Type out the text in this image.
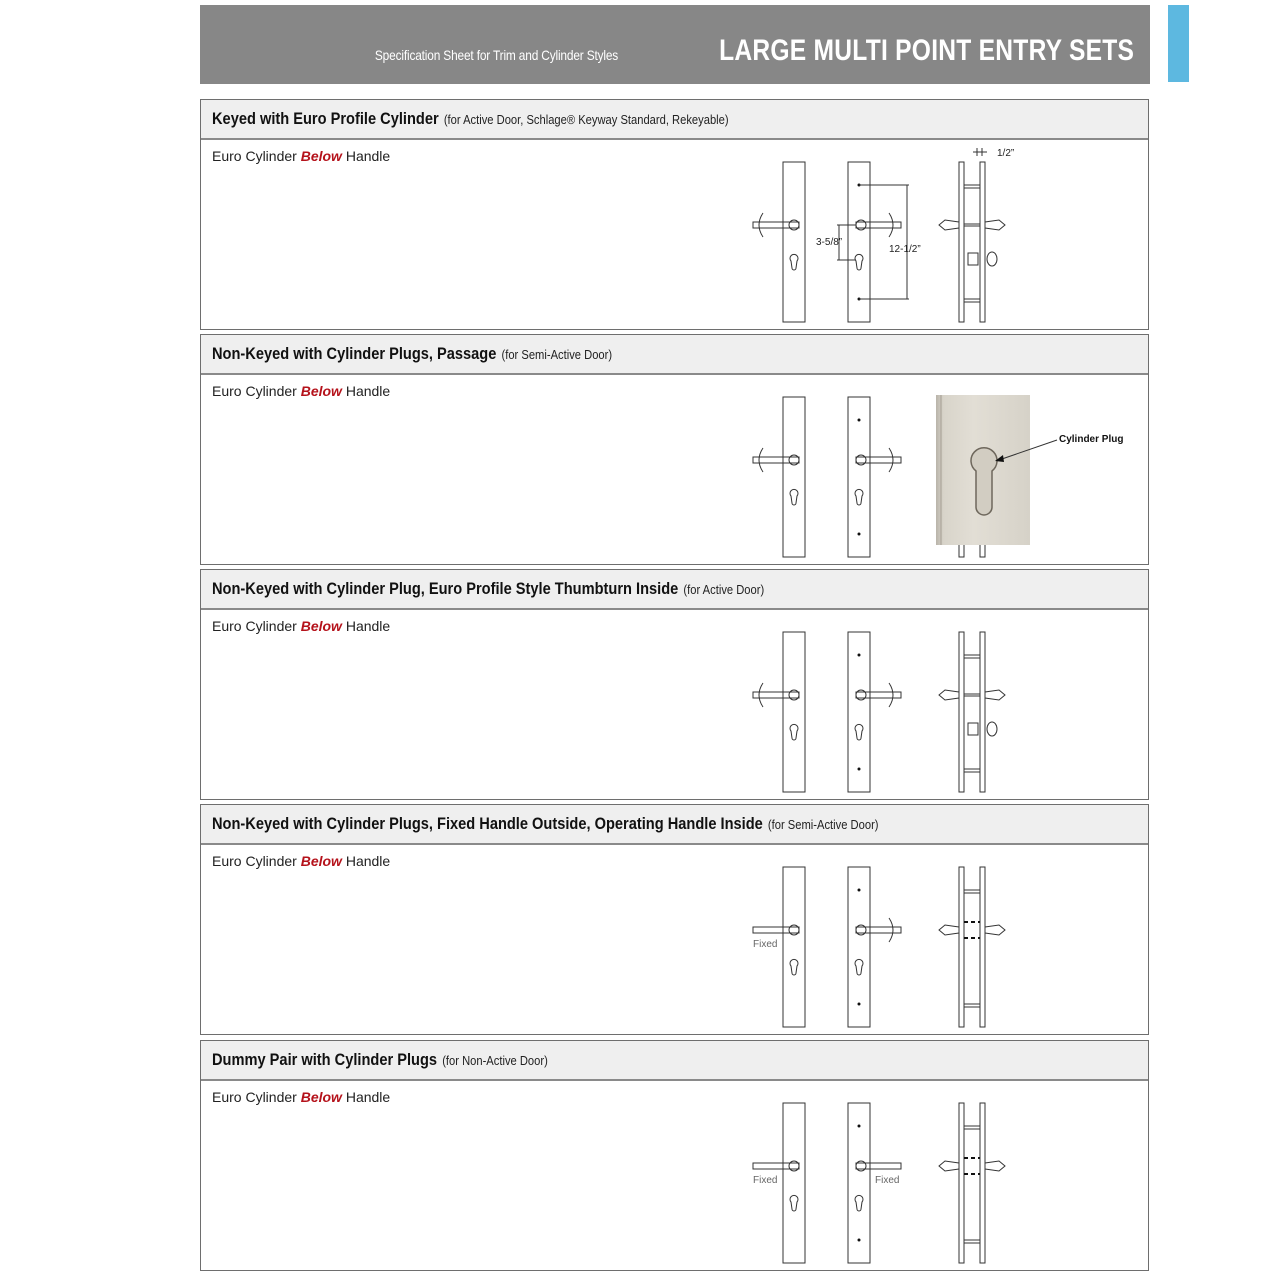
Specification Sheet for Trim and Cylinder Styles	LARGE MULTI POINT ENTRY SETS
Keyed with Euro Profile Cylinder (for Active Door, Schlage® Keyway Standard, Rekeyable)
Euro Cylinder Below Handle
12-1/2”
3-5/8”
1/2”
Non-Keyed with Cylinder Plugs, Passage (for Semi-Active Door)
Euro Cylinder Below Handle
Cylinder Plug
Non-Keyed with Cylinder Plug, Euro Profile Style Thumbturn Inside (for Active Door)
Euro Cylinder Below Handle
Non-Keyed with Cylinder Plugs, Fixed Handle Outside, Operating Handle Inside (for Semi-Active Door)
Euro Cylinder Below Handle
Fixed
Dummy Pair with Cylinder Plugs (for Non-Active Door)
Euro Cylinder Below Handle
Fixed	Fixed
